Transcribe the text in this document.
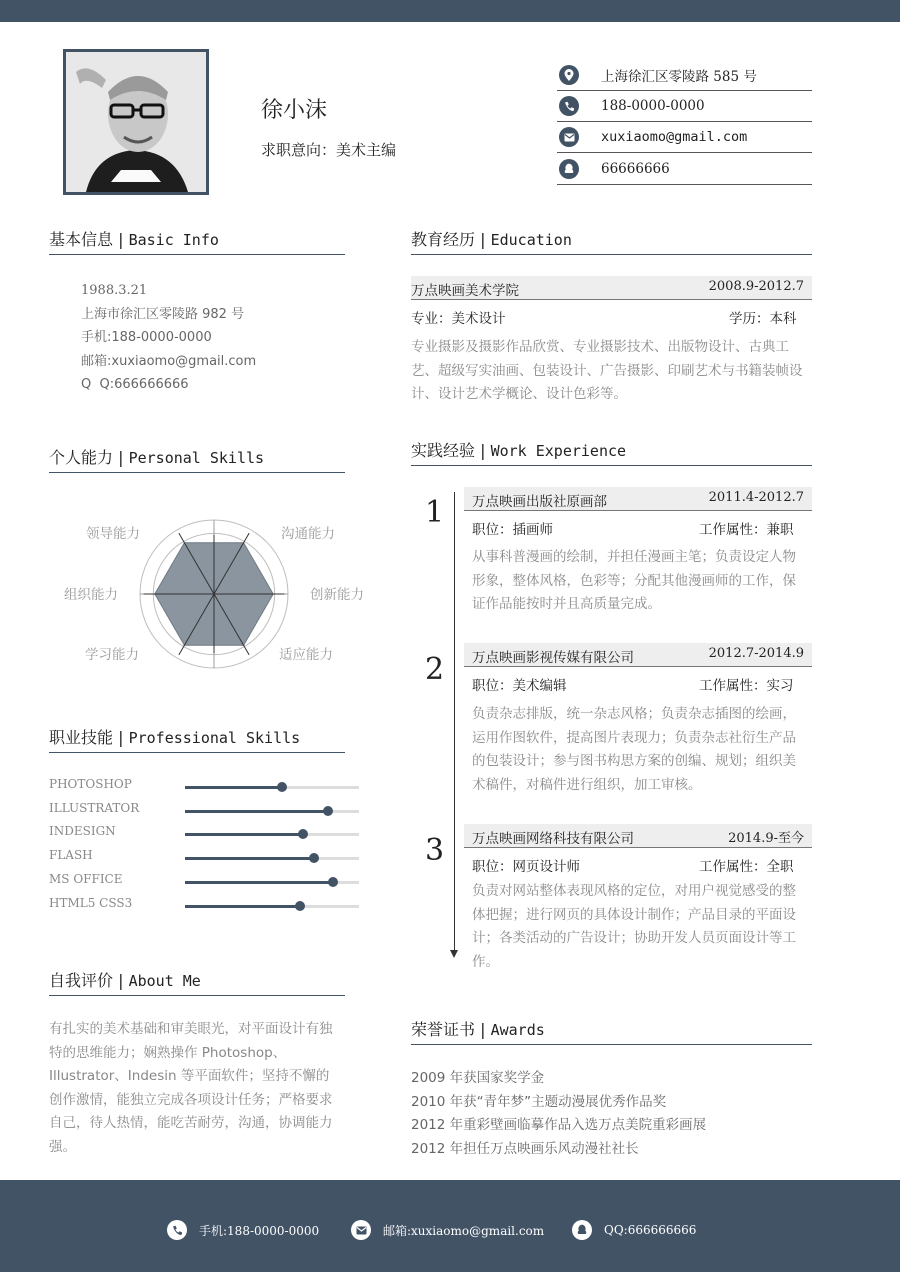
徐小沫
求职意向：美术主编
上海徐汇区零陵路 585 号
188-0000-0000
xuxiaomo@gmail.com
66666666
基本信息 | Basic Info
1988.3.21
上海市徐汇区零陵路 982 号
手机:188-0000-0000
邮箱:xuxiaomo@gmail.com
Q  Q:666666666
个人能力 | Personal Skills
领导能力	沟通能力
组织能力	创新能力
学习能力	适应能力
职业技能 | Professional Skills
PHOTOSHOP
ILLUSTRATOR
INDESIGN
FLASH
MS OFFICE
HTML5 CSS3
自我评价 | About Me
有扎实的美术基础和审美眼光，对平面设计有独特的思维能力；娴熟操作 Photoshop、Illustrator、Indesin 等平面软件；坚持不懈的创作激情，能独立完成各项设计任务；严格要求自己，待人热情，能吃苦耐劳，沟通，协调能力强。
教育经历 | Education
万点映画美术学院	2008.9-2012.7
专业：美术设计	学历：本科
专业摄影及摄影作品欣赏、专业摄影技术、出版物设计、古典工艺、超级写实油画、包装设计、广告摄影、印刷艺术与书籍装帧设计、设计艺术学概论、设计色彩等。
实践经验 | Work Experience
1 万点映画出版社原画部	2011.4-2012.7
职位：插画师	工作属性：兼职
从事科普漫画的绘制，并担任漫画主笔；负责设定人物形象，整体风格，色彩等；分配其他漫画师的工作，保证作品能按时并且高质量完成。
2 万点映画影视传媒有限公司	2012.7-2014.9
职位：美术编辑	工作属性：实习
负责杂志排版，统一杂志风格；负责杂志插图的绘画，运用作图软件，提高图片表现力；负责杂志社衍生产品的包装设计；参与图书构思方案的创编、规划；组织美术稿件，对稿件进行组织，加工审核。
3 万点映画网络科技有限公司	2014.9-至今
职位：网页设计师	工作属性：全职
负责对网站整体表现风格的定位，对用户视觉感受的整体把握；进行网页的具体设计制作；产品目录的平面设计；各类活动的广告设计；协助开发人员页面设计等工作。
荣誉证书 | Awards
2009 年获国家奖学金
2010 年获“青年梦”主题动漫展优秀作品奖
2012 年重彩壁画临摹作品入选万点美院重彩画展
2012 年担任万点映画乐风动漫社社长
手机:188-0000-0000	邮箱:xuxiaomo@gmail.com	QQ:666666666
